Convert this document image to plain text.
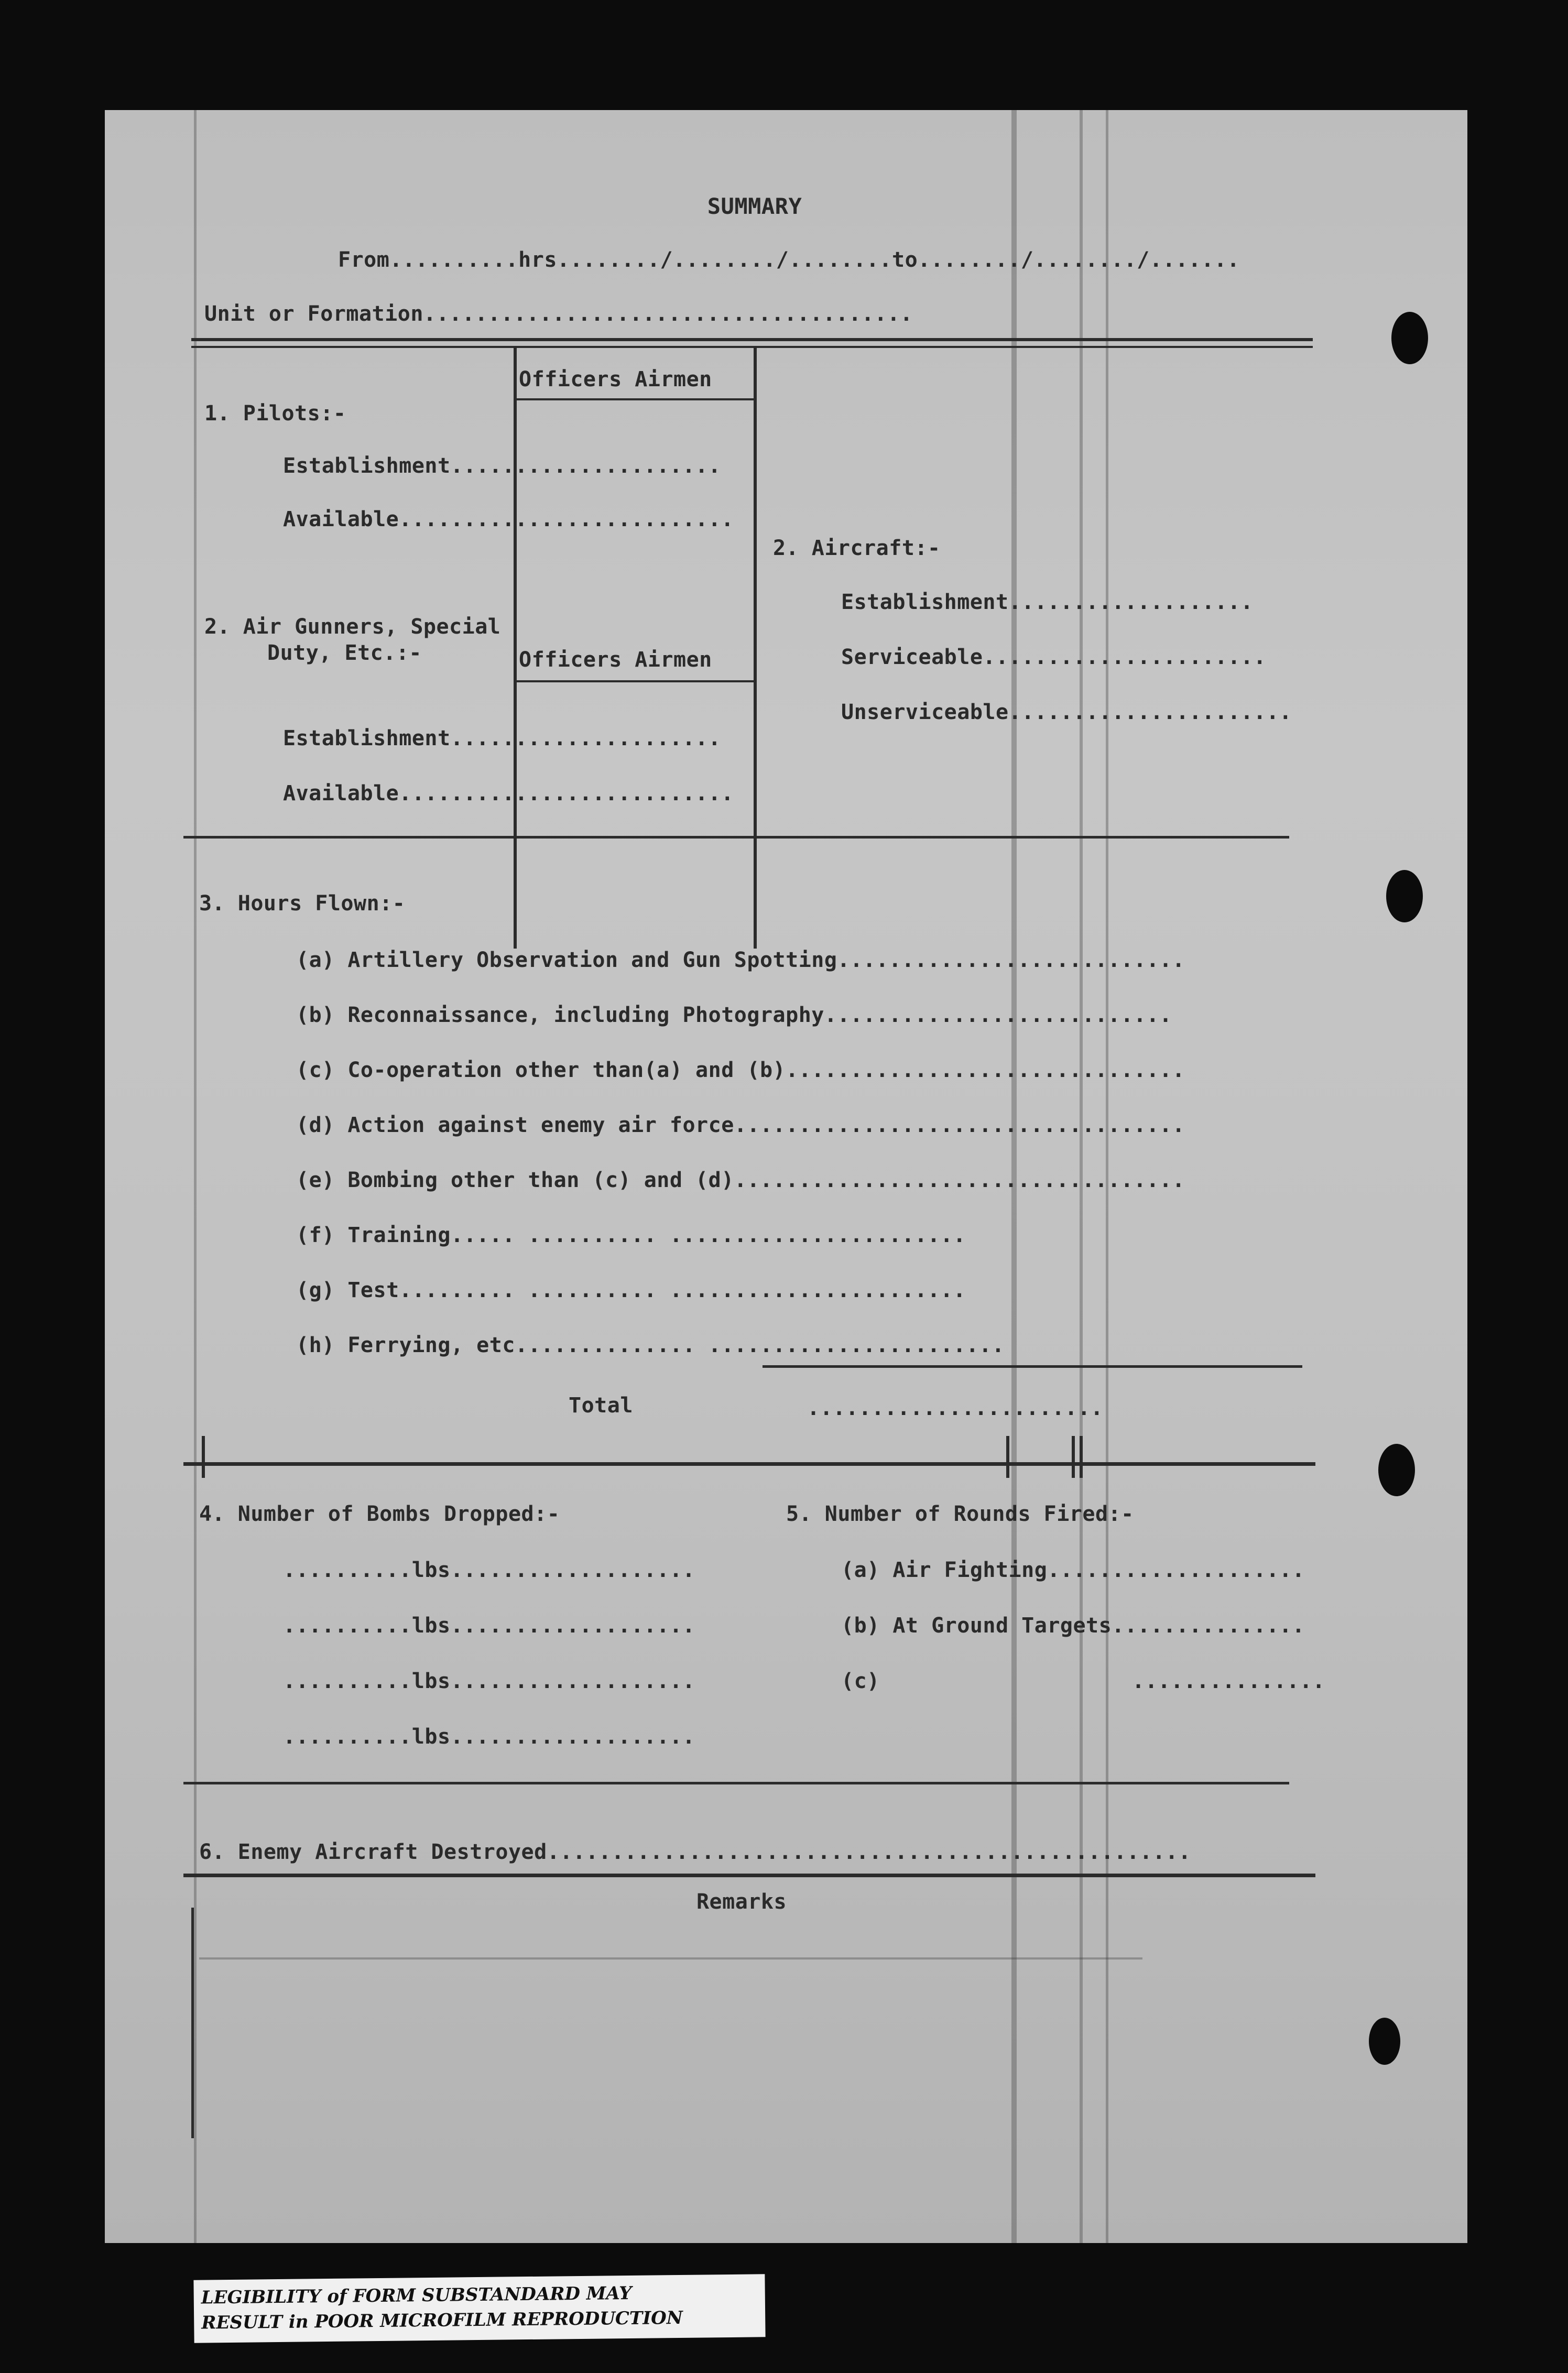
SUMMARY
From..........hrs......../......../........to......../......../.......
Unit or Formation......................................
Officers Airmen
Officers Airmen
1. Pilots:-
Establishment.....................
Available..........................
2. Air Gunners, Special
Duty, Etc.:-
Establishment.....................
Available..........................
2. Aircraft:-
Establishment...................
Serviceable......................
Unserviceable......................
3. Hours Flown:-
(a) Artillery Observation and Gun Spotting...........................
(b) Reconnaissance, including Photography...........................
(c) Co-operation other than(a) and (b)...............................
(d) Action against enemy air force...................................
(e) Bombing other than (c) and (d)...................................
(f) Training..... .......... .......................
(g) Test......... .......... .......................
(h) Ferrying, etc.............. .......................
Total	.......................
4. Number of Bombs Dropped:-
..........lbs...................
..........lbs...................
..........lbs...................
..........lbs...................
5. Number of Rounds Fired:-
(a) Air Fighting....................
(b) At Ground Targets...............
(c)	...............
6. Enemy Aircraft Destroyed..................................................
Remarks
LEGIBILITY of FORM SUBSTANDARD MAY
RESULT in POOR MICROFILM REPRODUCTION
